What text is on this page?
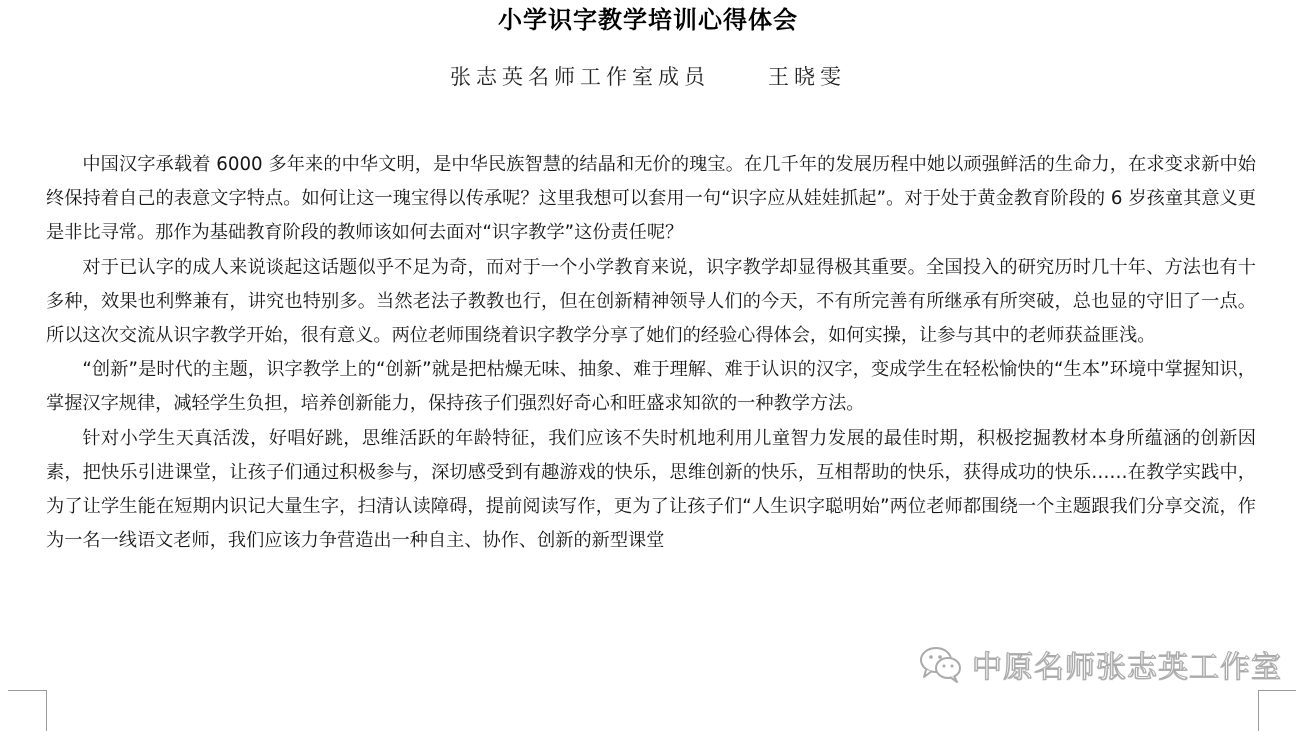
小学识字教学培训心得体会
张志英名师工作室成员	王晓雯

中国汉字承载着 6000 多年来的中华文明，是中华民族智慧的结晶和无价的瑰宝。在几千年的发展历程中她以顽强鲜活的生命力，在求变求新中始终保持着自己的表意文字特点。如何让这一瑰宝得以传承呢？这里我想可以套用一句“识字应从娃娃抓起”。对于处于黄金教育阶段的 6 岁孩童其意义更是非比寻常。那作为基础教育阶段的教师该如何去面对“识字教学”这份责任呢？

对于已认字的成人来说谈起这话题似乎不足为奇，而对于一个小学教育来说，识字教学却显得极其重要。全国投入的研究历时几十年、方法也有十多种，效果也利弊兼有，讲究也特别多。当然老法子教教也行，但在创新精神领导人们的今天，不有所完善有所继承有所突破，总也显的守旧了一点。 所以这次交流从识字教学开始，很有意义。两位老师围绕着识字教学分享了她们的经验心得体会，如何实操，让参与其中的老师获益匪浅。

“创新”是时代的主题，识字教学上的“创新”就是把枯燥无味、抽象、难于理解、难于认识的汉字，变成学生在轻松愉快的“生本”环境中掌握知识，掌握汉字规律，减轻学生负担，培养创新能力，保持孩子们强烈好奇心和旺盛求知欲的一种教学方法。

针对小学生天真活泼，好唱好跳，思维活跃的年龄特征，我们应该不失时机地利用儿童智力发展的最佳时期，积极挖掘教材本身所蕴涵的创新因素，把快乐引进课堂，让孩子们通过积极参与，深切感受到有趣游戏的快乐，思维创新的快乐，互相帮助的快乐，获得成功的快乐……在教学实践中，为了让学生能在短期内识记大量生字，扫清认读障碍，提前阅读写作，更为了让孩子们“人生识字聪明始”两位老师都围绕一个主题跟我们分享交流，作为一名一线语文老师，我们应该力争营造出一种自主、协作、创新的新型课堂

中原名师张志英工作室
